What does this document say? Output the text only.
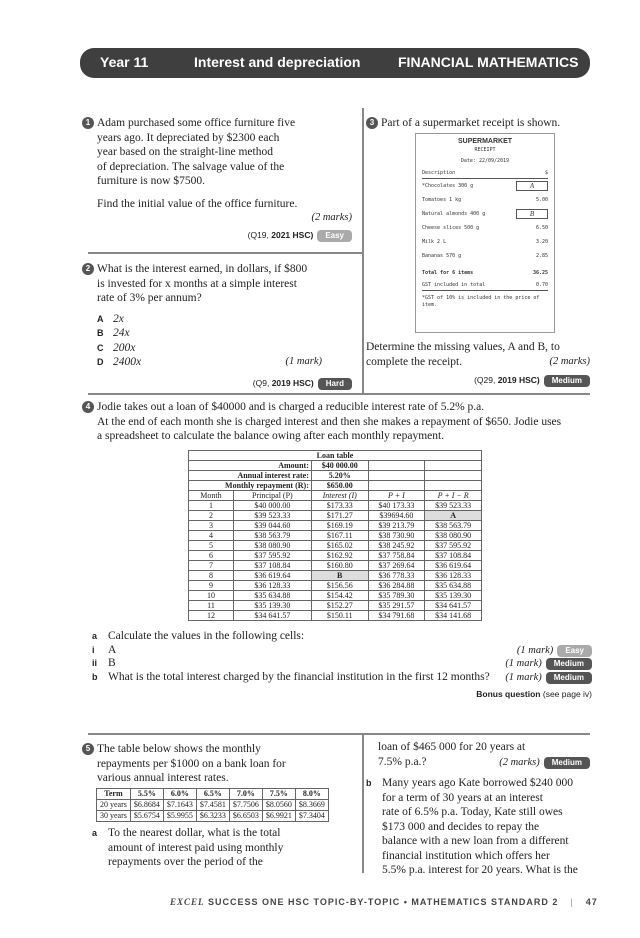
Year 11	Interest and depreciation	FINANCIAL MATHEMATICS
1 Adam purchased some office furniture five
years ago. It depreciated by $2300 each
year based on the straight-line method
of depreciation. The salvage value of the
furniture is now $7500.
Find the initial value of the office furniture.
(2 marks)
(Q19, 2021 HSC) Easy
2 What is the interest earned, in dollars, if $800
is invested for x months at a simple interest
rate of 3% per annum?
A 2x
B 24x
C 200x
D 2400x	(1 mark)
(Q9, 2019 HSC) Hard
3 Part of a supermarket receipt is shown.
SUPERMARKET
RECEIPT
Date: 22/09/2019
Description	$
*Chocolates 300 g	A
Tomatoes 1 kg	5.00
Natural almonds 400 g	B
Cheese slices 500 g	6.50
Milk 2 L	3.20
Bananas 570 g	2.85
Total for 6 items	36.25
GST included in total	0.70
*GST of 10% is included in the price of item.
Determine the missing values, A and B, to
complete the receipt.	(2 marks)
(Q29, 2019 HSC) Medium
4 Jodie takes out a loan of $40000 and is charged a reducible interest rate of 5.2% p.a.
At the end of each month she is charged interest and then she makes a repayment of $650. Jodie uses
a spreadsheet to calculate the balance owing after each monthly repayment.
Loan table				
Amount:		$40 000.00		
Annual interest rate:		5.20%		
Monthly repayment (R):		$650.00		
Month	Principal (P)	Interest (I)	P + I	P + I − R
1	$40 000.00	$173.33	$40 173.33	$39 523.33
2	$39 523.33	$171.27	$39694.60	A
3	$39 044.60	$169.19	$39 213.79	$38 563.79
4	$38 563.79	$167.11	$38 730.90	$38 080.90
5	$38 080.90	$165.02	$38 245.92	$37 595.92
6	$37 595.92	$162.92	$37 758.84	$37 108.84
7	$37 108.84	$160.80	$37 269.64	$36 619.64
8	$36 619.64	B	$36 778.33	$36 128.33
9	$36 128.33	$156.56	$36 284.88	$35 634.88
10	$35 634.88	$154.42	$35 789.30	$35 139.30
11	$35 139.30	$152.27	$35 291.57	$34 641.57
12	$34 641.57	$150.11	$34 791.68	$34 141.68
a Calculate the values in the following cells:
i A	(1 mark) Easy
ii B	(1 mark) Medium
b What is the total interest charged by the financial institution in the first 12 months? (1 mark) Medium
Bonus question (see page iv)
5 The table below shows the monthly
repayments per $1000 on a bank loan for
various annual interest rates.
Term	5.5%	6.0%	6.5%	7.0%	7.5%	8.0%
20 years	$6.8684	$7.1643	$7.4581	$7.7506	$8.0560	$8.3669
30 years	$5.6754	$5.9955	$6.3233	$6.6503	$6.9921	$7.3404
a To the nearest dollar, what is the total
amount of interest paid using monthly
repayments over the period of the
loan of $465 000 for 20 years at
7.5% p.a.?	(2 marks) Medium
b Many years ago Kate borrowed $240 000
for a term of 30 years at an interest
rate of 6.5% p.a. Today, Kate still owes
$173 000 and decides to repay the
balance with a new loan from a different
financial institution which offers her
5.5% p.a. interest for 20 years. What is the
EXCEL SUCCESS ONE HSC TOPIC-BY-TOPIC • MATHEMATICS STANDARD 2 | 47
